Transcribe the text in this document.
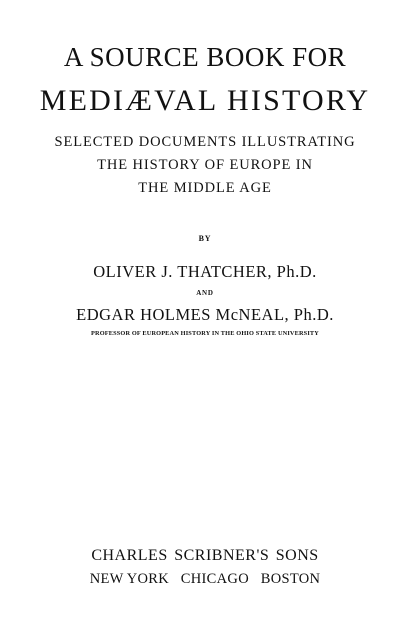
A SOURCE BOOK FOR
MEDIÆVAL HISTORY
SELECTED DOCUMENTS ILLUSTRATING
THE HISTORY OF EUROPE IN
THE MIDDLE AGE
BY
OLIVER J. THATCHER, Ph.D.
AND
EDGAR HOLMES McNEAL, Ph.D.
PROFESSOR OF EUROPEAN HISTORY IN THE OHIO STATE UNIVERSITY
CHARLES SCRIBNER'S SONS
NEW YORK   CHICAGO   BOSTON
